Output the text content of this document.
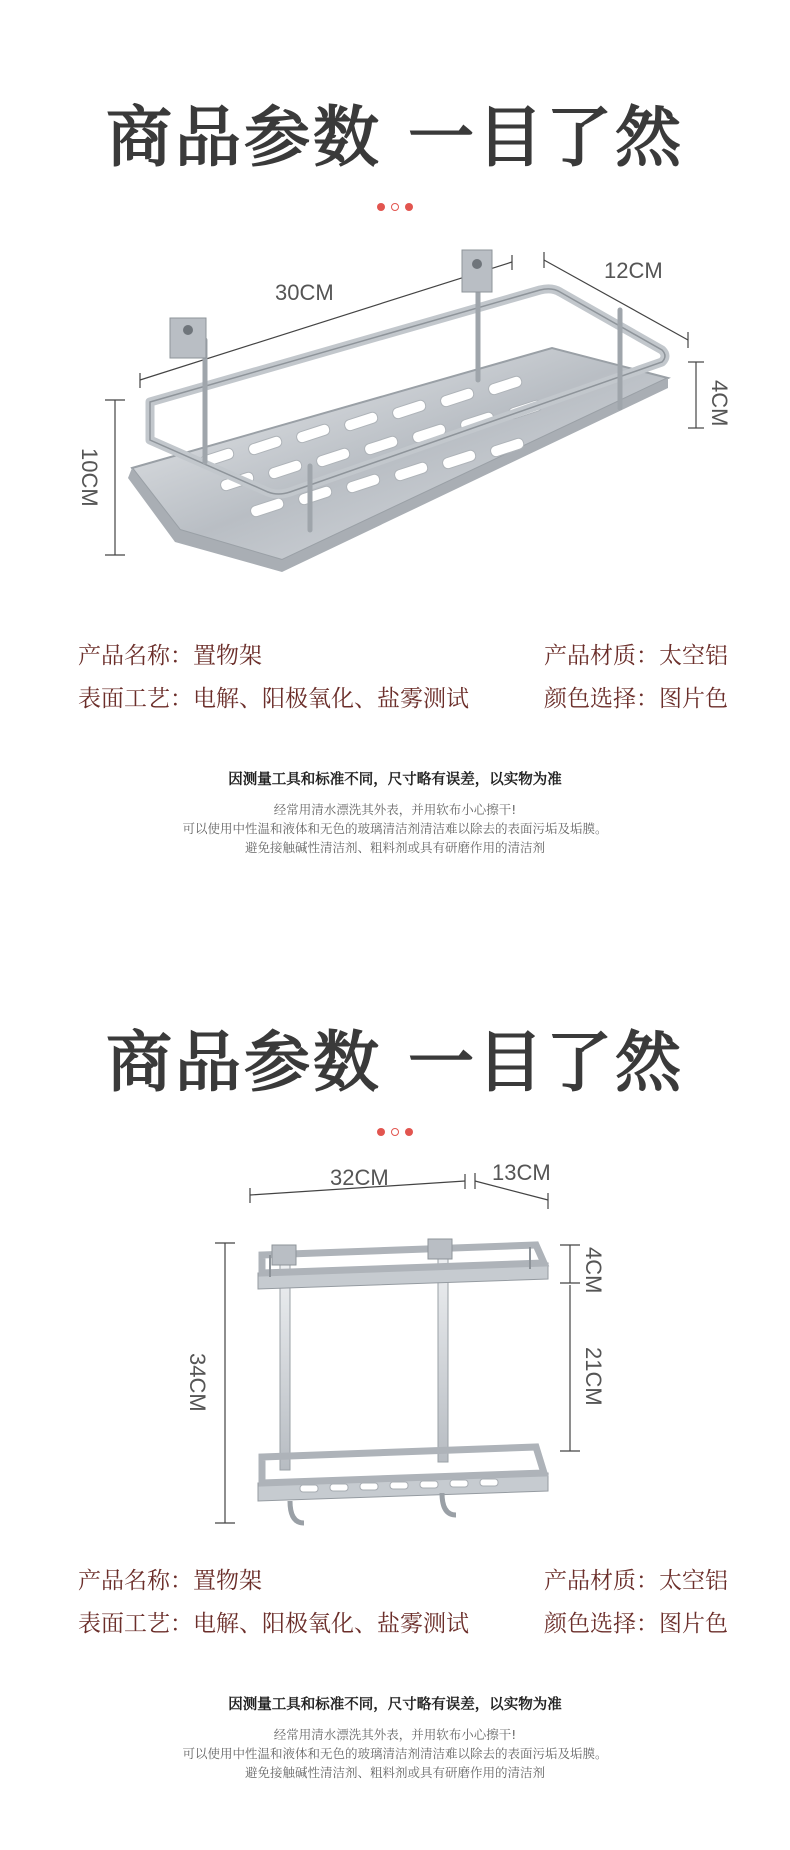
商品参数 一目了然
30CM
12CM
4CM
10CM
产品名称：置物架	产品材质：太空铝
表面工艺：电解、阳极氧化、盐雾测试	颜色选择：图片色
因测量工具和标准不同，尺寸略有误差，以实物为准
经常用清水漂洗其外表，并用软布小心擦干!
可以使用中性温和液体和无色的玻璃清洁剂清洁难以除去的表面污垢及垢膜。
避免接触碱性清洁剂、粗料剂或具有研磨作用的清洁剂
商品参数 一目了然
32CM	13CM
34CM
4CM
21CM
产品名称：置物架	产品材质：太空铝
表面工艺：电解、阳极氧化、盐雾测试	颜色选择：图片色
因测量工具和标准不同，尺寸略有误差，以实物为准
经常用清水漂洗其外表，并用软布小心擦干!
可以使用中性温和液体和无色的玻璃清洁剂清洁难以除去的表面污垢及垢膜。
避免接触碱性清洁剂、粗料剂或具有研磨作用的清洁剂
